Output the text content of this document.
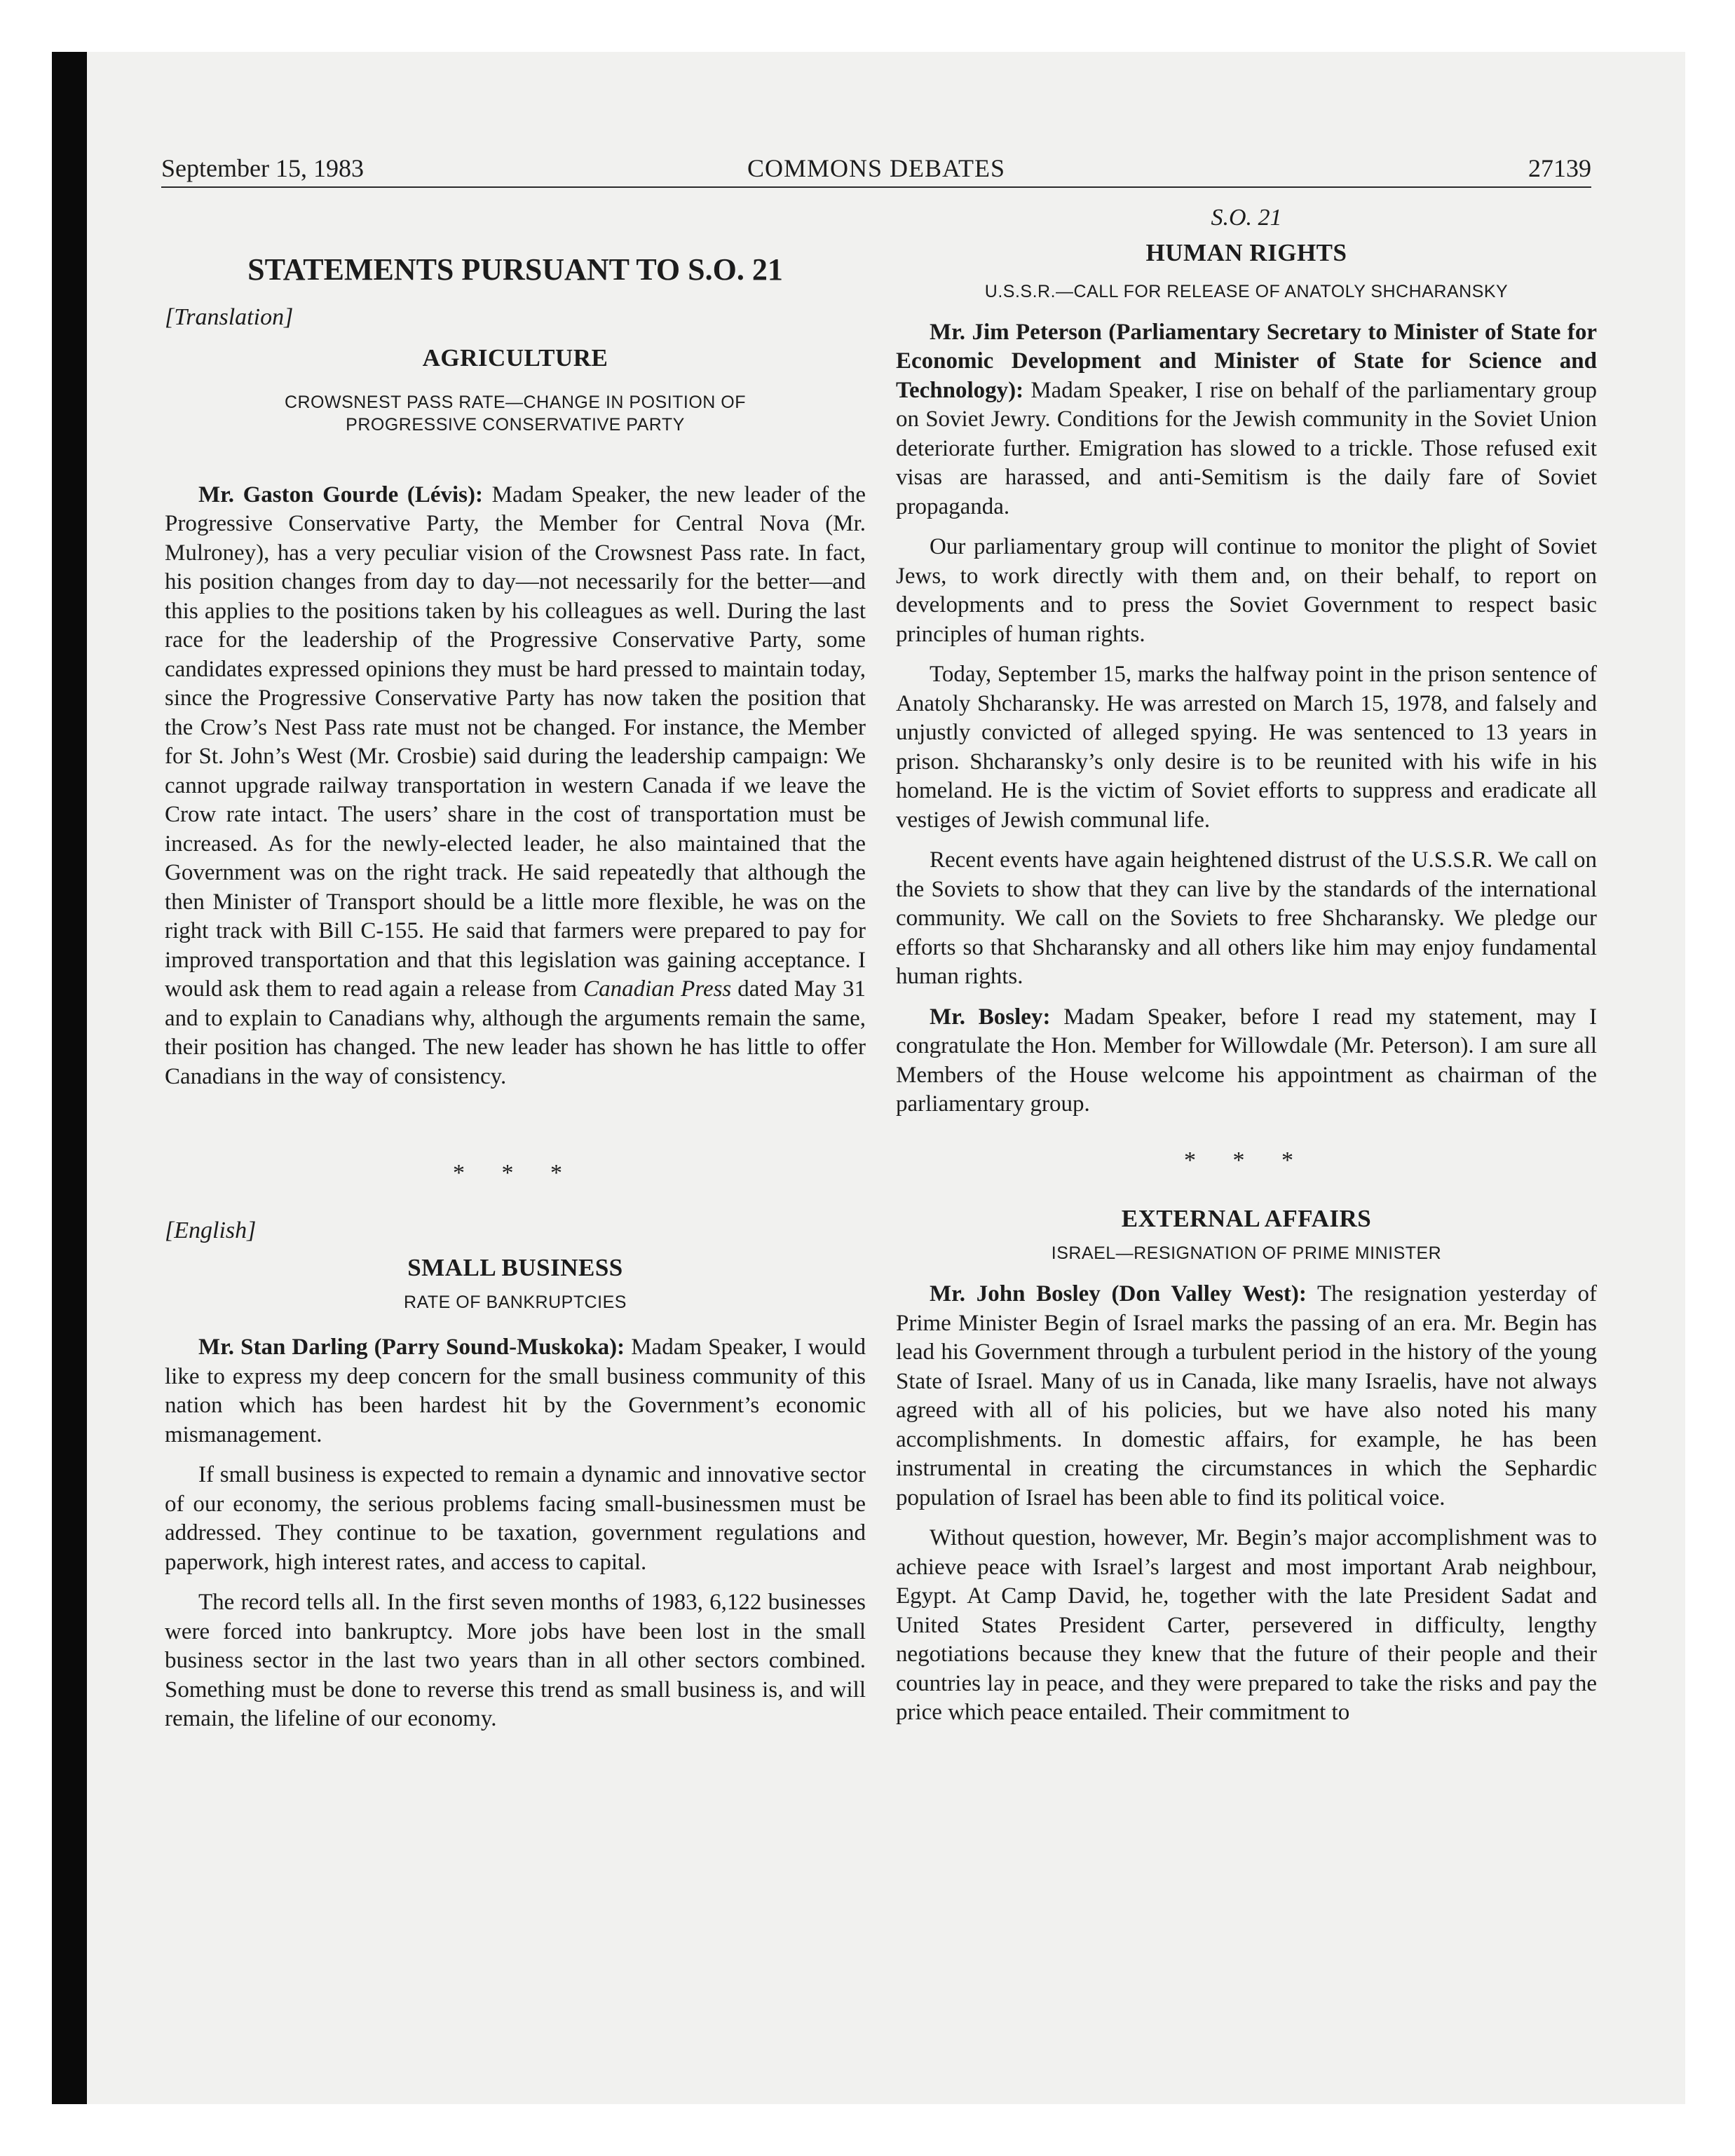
September 15, 1983	COMMONS DEBATES	27139
STATEMENTS PURSUANT TO S.O. 21
[Translation]
AGRICULTURE
CROWSNEST PASS RATE—CHANGE IN POSITION OF
PROGRESSIVE CONSERVATIVE PARTY

Mr. Gaston Gourde (Lévis): Madam Speaker, the new leader of the Progressive Conservative Party, the Member for Central Nova (Mr. Mulroney), has a very peculiar vision of the Crowsnest Pass rate. In fact, his position changes from day to day—not necessarily for the better—and this applies to the positions taken by his colleagues as well. During the last race for the leadership of the Progressive Conservative Party, some candidates expressed opinions they must be hard pressed to maintain today, since the Progressive Conservative Party has now taken the position that the Crow’s Nest Pass rate must not be changed. For instance, the Member for St. John’s West (Mr. Crosbie) said during the leadership campaign: We cannot upgrade railway transportation in western Canada if we leave the Crow rate intact. The users’ share in the cost of transportation must be increased. As for the newly-elected leader, he also maintained that the Government was on the right track. He said repeatedly that although the then Minister of Transport should be a little more flexible, he was on the right track with Bill C-155. He said that farmers were prepared to pay for improved transportation and that this legislation was gaining acceptance. I would ask them to read again a release from Canadian Press dated May 31 and to explain to Canadians why, although the arguments remain the same, their position has changed. The new leader has shown he has little to offer Canadians in the way of consistency.

* * *
[English]
SMALL BUSINESS
RATE OF BANKRUPTCIES

Mr. Stan Darling (Parry Sound-Muskoka): Madam Speaker, I would like to express my deep concern for the small business community of this nation which has been hardest hit by the Government’s economic mismanagement.

If small business is expected to remain a dynamic and innovative sector of our economy, the serious problems facing small-businessmen must be addressed. They continue to be taxation, government regulations and paperwork, high interest rates, and access to capital.

The record tells all. In the first seven months of 1983, 6,122 businesses were forced into bankruptcy. More jobs have been lost in the small business sector in the last two years than in all other sectors combined. Something must be done to reverse this trend as small business is, and will remain, the lifeline of our economy.

S.O. 21
HUMAN RIGHTS
U.S.S.R.—CALL FOR RELEASE OF ANATOLY SHCHARANSKY

Mr. Jim Peterson (Parliamentary Secretary to Minister of State for Economic Development and Minister of State for Science and Technology): Madam Speaker, I rise on behalf of the parliamentary group on Soviet Jewry. Conditions for the Jewish community in the Soviet Union deteriorate further. Emigration has slowed to a trickle. Those refused exit visas are harassed, and anti-Semitism is the daily fare of Soviet propaganda.

Our parliamentary group will continue to monitor the plight of Soviet Jews, to work directly with them and, on their behalf, to report on developments and to press the Soviet Government to respect basic principles of human rights.

Today, September 15, marks the halfway point in the prison sentence of Anatoly Shcharansky. He was arrested on March 15, 1978, and falsely and unjustly convicted of alleged spying. He was sentenced to 13 years in prison. Shcharansky’s only desire is to be reunited with his wife in his homeland. He is the victim of Soviet efforts to suppress and eradicate all vestiges of Jewish communal life.

Recent events have again heightened distrust of the U.S.S.R. We call on the Soviets to show that they can live by the standards of the international community. We call on the Soviets to free Shcharansky. We pledge our efforts so that Shcharansky and all others like him may enjoy fundamental human rights.

Mr. Bosley: Madam Speaker, before I read my statement, may I congratulate the Hon. Member for Willowdale (Mr. Peterson). I am sure all Members of the House welcome his appointment as chairman of the parliamentary group.

* * *
EXTERNAL AFFAIRS
ISRAEL—RESIGNATION OF PRIME MINISTER

Mr. John Bosley (Don Valley West): The resignation yesterday of Prime Minister Begin of Israel marks the passing of an era. Mr. Begin has lead his Government through a turbulent period in the history of the young State of Israel. Many of us in Canada, like many Israelis, have not always agreed with all of his policies, but we have also noted his many accomplishments. In domestic affairs, for example, he has been instrumental in creating the circumstances in which the Sephardic population of Israel has been able to find its political voice.

Without question, however, Mr. Begin’s major accomplishment was to achieve peace with Israel’s largest and most important Arab neighbour, Egypt. At Camp David, he, together with the late President Sadat and United States President Carter, persevered in difficulty, lengthy negotiations because they knew that the future of their people and their countries lay in peace, and they were prepared to take the risks and pay the price which peace entailed. Their commitment to
